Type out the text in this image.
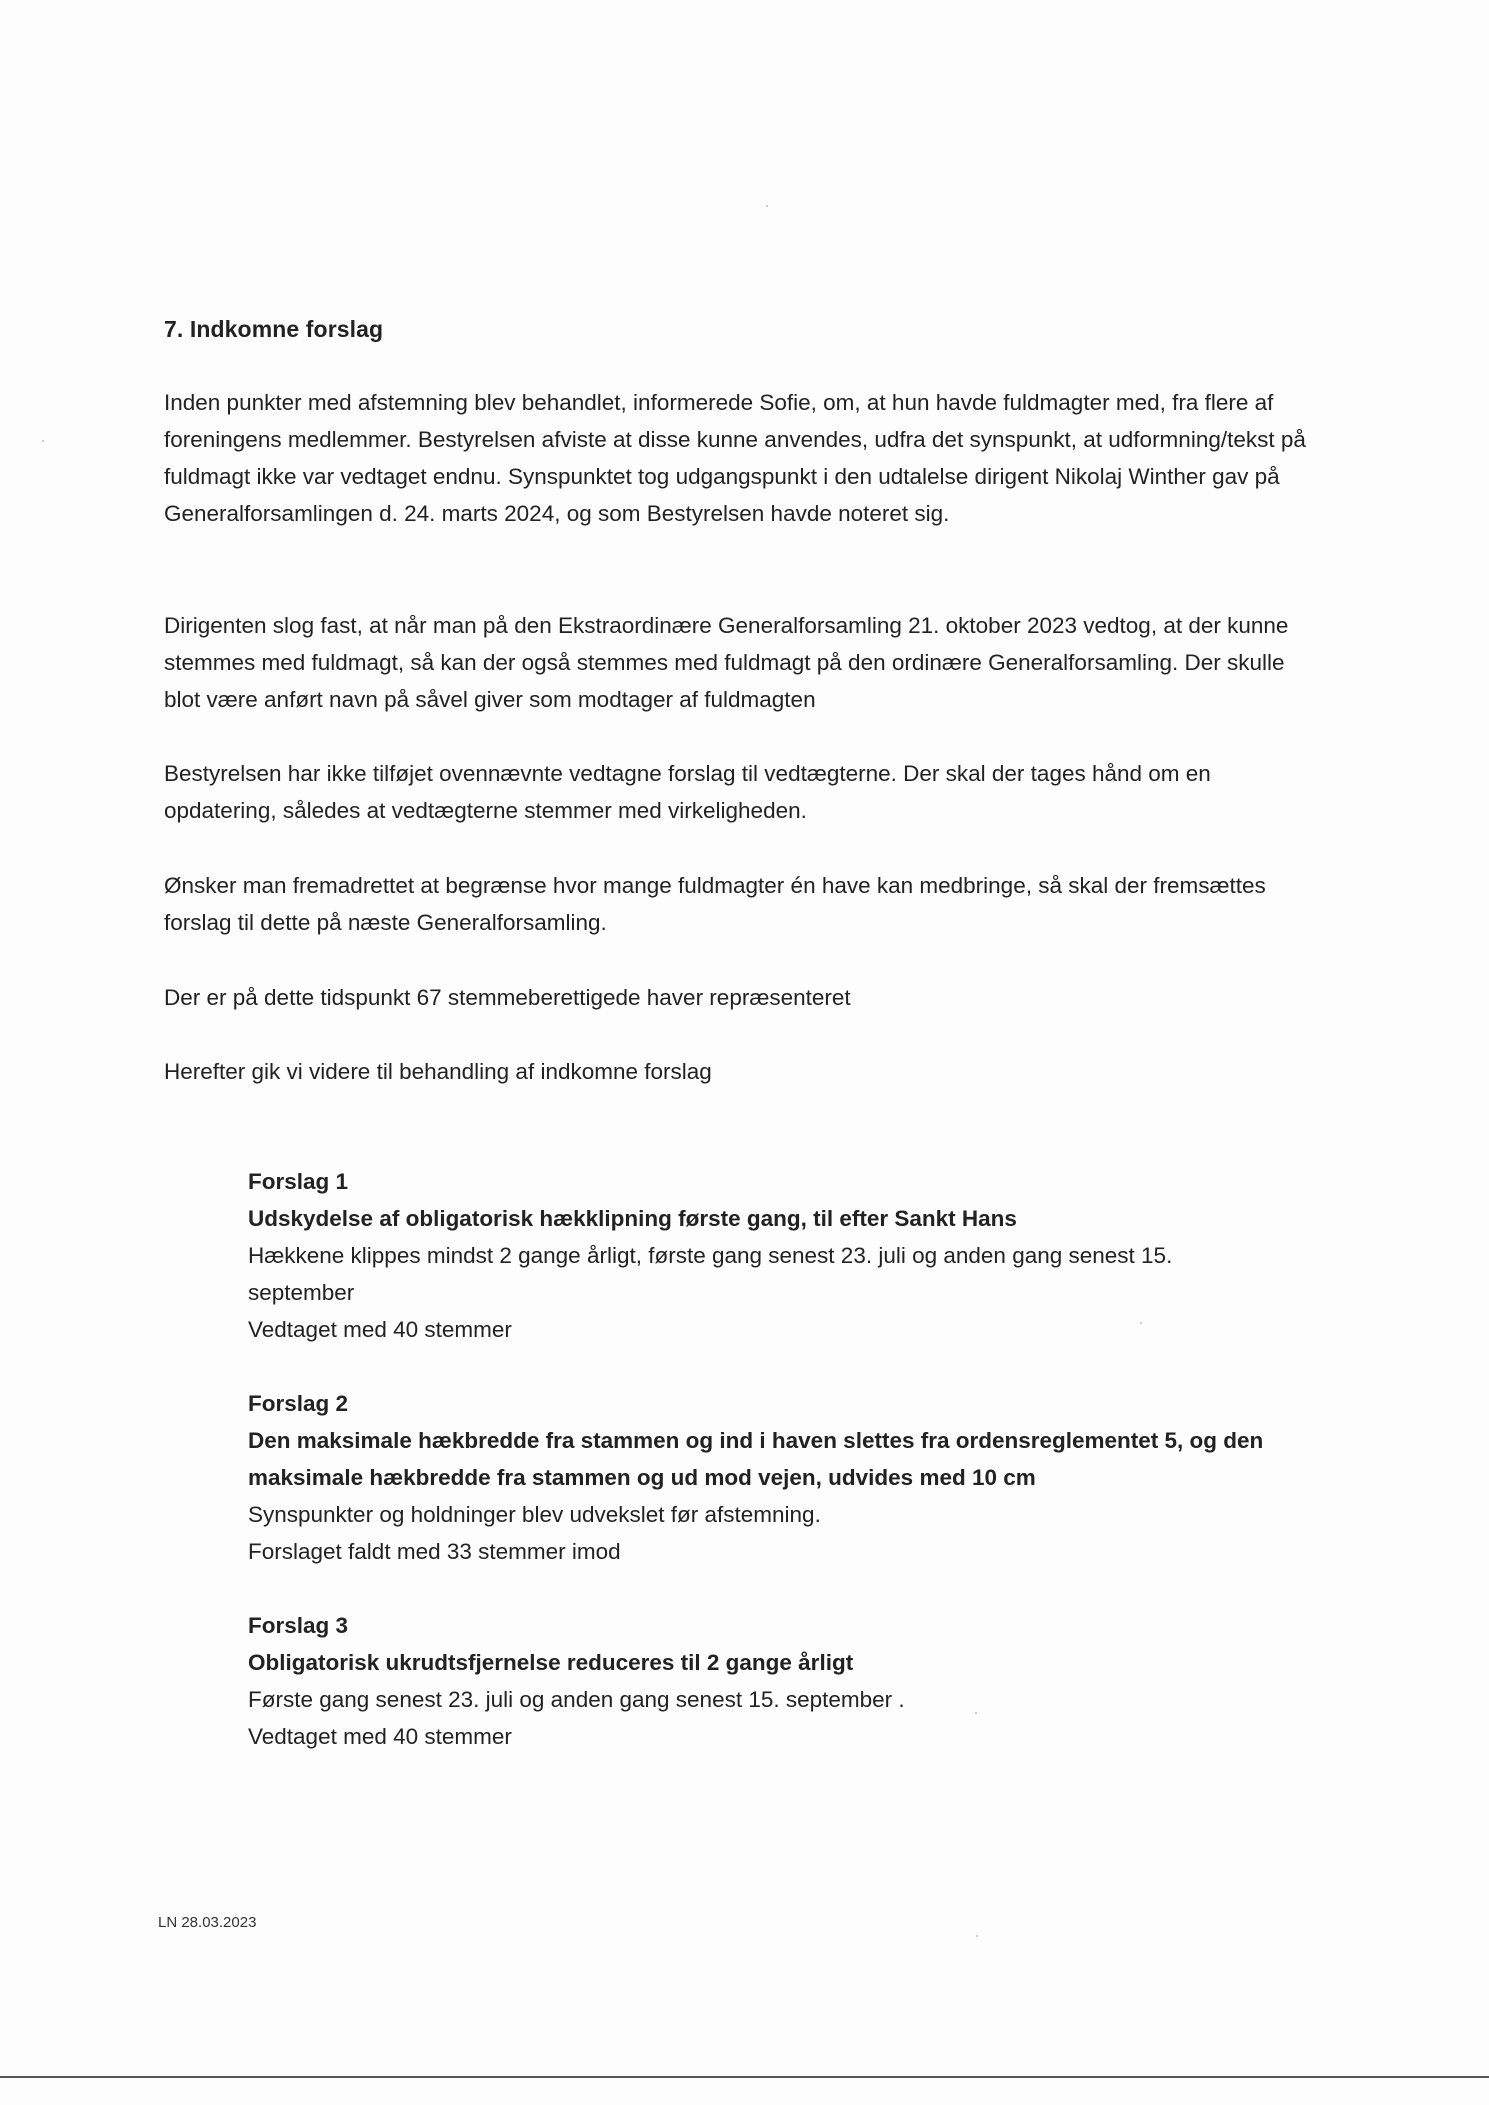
7. Indkomne forslag

Inden punkter med afstemning blev behandlet, informerede Sofie, om, at hun havde fuldmagter med, fra flere af foreningens medlemmer. Bestyrelsen afviste at disse kunne anvendes, udfra det synspunkt, at udformning/tekst på fuldmagt ikke var vedtaget endnu. Synspunktet tog udgangspunkt i den udtalelse dirigent Nikolaj Winther gav på Generalforsamlingen d. 24. marts 2024, og som Bestyrelsen havde noteret sig.

Dirigenten slog fast, at når man på den Ekstraordinære Generalforsamling 21. oktober 2023 vedtog, at der kunne stemmes med fuldmagt, så kan der også stemmes med fuldmagt på den ordinære Generalforsamling. Der skulle blot være anført navn på såvel giver som modtager af fuldmagten

Bestyrelsen har ikke tilføjet ovennævnte vedtagne forslag til vedtægterne. Der skal der tages hånd om en opdatering, således at vedtægterne stemmer med virkeligheden.

Ønsker man fremadrettet at begrænse hvor mange fuldmagter én have kan medbringe, så skal der fremsættes forslag til dette på næste Generalforsamling.

Der er på dette tidspunkt 67 stemmeberettigede haver repræsenteret

Herefter gik vi videre til behandling af indkomne forslag

Forslag 1
Udskydelse af obligatorisk hækklipning første gang, til efter Sankt Hans
Hækkene klippes mindst 2 gange årligt, første gang senest 23. juli og anden gang senest 15.
september
Vedtaget med 40 stemmer
Forslag 2
Den maksimale hækbredde fra stammen og ind i haven slettes fra ordensreglementet 5, og den maksimale hækbredde fra stammen og ud mod vejen, udvides med 10 cm
Synspunkter og holdninger blev udvekslet før afstemning.
Forslaget faldt med 33 stemmer imod
Forslag 3
Obligatorisk ukrudtsfjernelse reduceres til 2 gange årligt
Første gang senest 23. juli og anden gang senest 15. september .
Vedtaget med 40 stemmer
LN 28.03.2023
